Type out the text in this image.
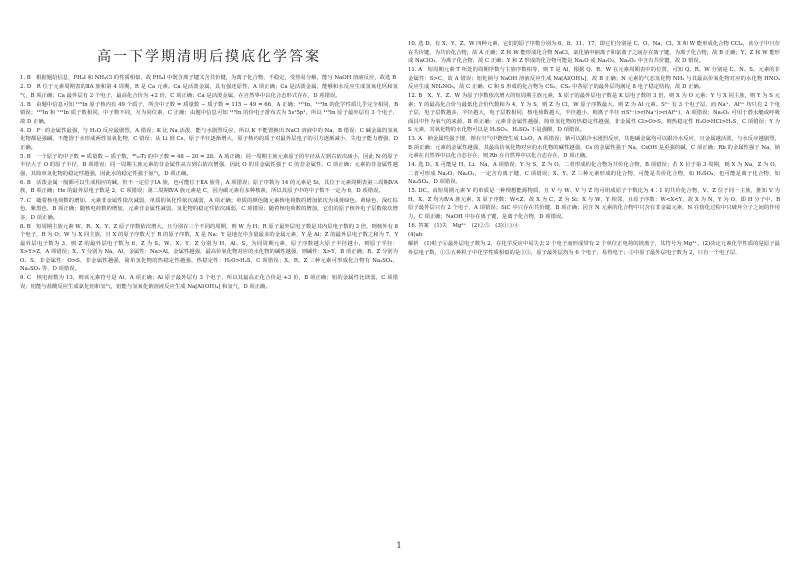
高一下学期清明后摸底化学答案

1. B　根据题给信息，PH₄I 和 NH₄Cl 的性质相似，故 PH₄I 中既含离子键又含共价键，为离子化合物，不稳定，受热易分解，能与 NaOH 溶液反应，故选 B

2. D　R 位于元素周期表的ⅡA 族和第 4 周期，R 是 Ca 元素。Ca 是活泼金属，具有强还原性，A 项正确；Ca 是活泼金属，能够和水反应生成氢氧化钙和氢气，B 项正确；Ca 最外层有 2 个电子，最高化合价为 +2 价，C 项正确；Ca 是活泼金属，在自然界中以化合态形式存在，D 项错误。

3. B　由题中信息可知 ¹¹⁵In 原子核内有 49 个质子，所含中子数 = 质量数 − 质子数 = 115 − 49 = 66，A 正确；¹¹⁵In、¹¹³In 的化学性质几乎完全相同，B 错误；¹¹⁵In 和 ¹¹³In 质子数相同，中子数不同，互为同位素，C 正确；由题中信息可知 ¹¹⁵In 的价电子排布式为 5s²5p¹，所以 ¹¹⁵In 原子最外层有 3 个电子，故 D 正确。

4. D　F⁻ 的金属性最强，与 H₂O 反应最剧烈，A 错误；K 比 Na 活泼，能与水剧烈反应，所以 K 不能置换出 NaCl 溶液中的 Na，B 错误；C 碱金属的氢氧化物都是强碱，不能溶于水形成两性氢氧化物，C 错误；从 Li 到 Cs，原子半径逐渐增大，原子核内的质子对最外层电子的引力逐渐减小，失电子能力增强，D 正确。

5. B　一个原子的中子数 = 质量数 − 质子数，⁴⁸₂₀Ti 的中子数 = 48 − 20 = 28，A 项正确；同一周期主族元素原子的半径从左到右依次减小，因此 N 的原子半径大于 O 的原子半径，B 项错误；同一周期主族元素的非金属性从左到右依次增强，因此 O 的非金属性强于 C 的非金属性，C 项正确；元素的非金属性越强，其简单氢化物的稳定性越强，因此水的稳定性强于氨气，D 项正确。

6. B　活泼金属一般都可以生成相应的碱，但不一定位于ⅠA 族，也可能位于ⅡA 族等，A 项错误；原子序数为 14 的元素是 Si，其位于元素周期表第三周期ⅣA 族，B 项正确；He 的最外层电子数是 2，C 项错误；第二周期ⅣA 族元素是 C，因为碳元素有多种核素，所以其原子中的中子数不一定为 6，D 项错误。

7. C　随着核电荷数的增加，元素非金属性依次减弱，单质的氧化性依次减弱，A 项正确；单质的颜色随元素核电荷数的增加依次为浅黄绿色、黄绿色、深红棕色、紫黑色，B 项正确；随核电荷数的增加，元素非金属性减弱，氢化物的稳定性依次减弱，C 项错误；随着核电荷数的增加，它们的原子核外电子层数依次增多，D 项正确。

8. B　短周期主族元素 W、R、X、Y、Z 原子序数依次增大，且分别在三个不同的周期，则 W 为 H；R 原子最外层电子数是其内层电子数的 3 倍，则核外有 8 个电子，R 为 O；W 与 X 同主族，且 X 的原子序数大于 R 的原子序数，X 是 Na；Y 是地壳中含量最多的金属元素，Y 是 Al；Z 的最外层电子数之和为 7，Y 最外层电子数为 3，则 Z 的最外层电子数为 6，Z 为 S。W、X、Y、Z 分别为 H、Al、S，为同周期元素，原子序数越大原子半径越小，则原子半径：X>Y>Z，A 项错误；X、Y 分别为 Na、Al，金属性：Na>Al，金属性越强，最高价氧化物对应的水化物的碱性越强，则碱性：X>Y，B 项正确；R、Z 分别为 O、S，非金属性：O>S，非金属性越强，简单氢化物的热稳定性越强，热稳定性：H₂O>H₂S，C 项错误；X、R、Z 三种元素可形成化合物有 Na₂SO₄、Na₂SO₃ 等，D 项错误。

9. C　核电荷数为 13，则该元素符号是 Al，A 项正确；Al 原子最外层有 3 个电子，所以其最高正化合价是 +3 价，B 项正确；铝的金属性比镁弱，C 项错误；铝能与盐酸反应生成氯化铝和氢气，铝能与氢氧化钠溶液反应生成 Na[Al(OH)₄] 和氢气，D 项正确。

10. 选 D。有 X、Y、Z、W 四种元素，它们的原子序数分别为 6、8、11、17，即它们分别是 C、O、Na、Cl。X 和 W 能形成化合物 CCl₄，该分子中只存在共价键，为共价化合物，故 A 正确；Z 和 W 能形成化合物 NaCl，氯化钠中钠离子和氯离子之间存在离子键，为离子化合物，故 B 正确；Y、Z 和 W 能形成 NaClO₃，为离子化合物，故 C 正确；Y 和 Z 形成的化合物可能是 Na₂O 或 Na₂O₂，Na₂O₂ 中含有共价键，故 D 错误。

11. A　短周期元素 T 所处的周期序数与主族序数相等，则 T 是 Al，根据 Q、R、W 在元素周期表中的位置，可知 Q、R、W 分别是 C、N、S。元素的非金属性：S>C，故 A 错误；铝化钠与 NaOH 溶液反应生成 Na[Al(OH)₄]，故 B 正确；N 元素的气态氢化物 NH₃ 与其最高价氧化物对应的水化物 HNO₃ 反应生成 NH₄NO₃，故 C 正确；C 和 S 形成的化合物为 CS₂，CS₂ 中各原子的最外层均满足 8 电子稳定结构，故 D 正确。

12. B　X、Y、Z、W 为原子序数依次增大的短周期主族元素，X 原子的最外层电子数是 K 层电子数的 3 倍，则 X 为 O 元素；Y 与 X 同主族，则 Y 为 S 元素；Y 的最高化合价与最低化合价代数和为 4，Y 为 S，则 Z 为 Cl，W 原子序数最大，则 Z 为 Al 元素。S²⁻ 有 3 个电子层，而 Na⁺、Al³⁺ 均只有 2 个电子层，电子层数越多，半径越大，电子层数相同，核电荷数越大，半径越小，则离子半径 r(S²⁻)>r(Na⁺)>r(Al³⁺)，A 项错误；Na₂O₂ 可用于潜水艇或呼吸面具中作为氧气的来源，B 项正确；元素非金属性越强，简单氢化物的热稳定性越强，非金属性 Cl>O>S，则热稳定性 H₂O>HCl>H₂S，C 项错误；Y 为 S 元素，其氧化物的水化物可以是 H₂SO₃、H₂SO₄ 不是强酸，D 项错误。

13. A　钠金属性强于锂，锂在空气中燃烧生成 Li₂O，A 项错误；钠可以跟冷水剧烈反应，其他碱金属均可以跟冷水反应，且金属越活泼，与水反应越剧烈，B 项正确；元素的金属性越强，其最高价氧化物对应的水化物的碱性越强，Cs 的金属性强于 Na，CsOH 是更强的碱，C 项正确；Rb 的金属性强于 Na，钠元素在自然界中以化合态存在，则 Rb 在自然界中以化合态存在，D 项正确。

14. 选 D。X 可能是 H、Li、Na，A 项错误；Y 为 S，Z 为 O，二者形成的化合物为共价化合物，B 项错误；若 X 位于第 3 周期，则 X 为 Na，Z 为 O，二者可形成 Na₂O、Na₂O₂，一定含有离子键，C 项错误；X、Y、Z 三种元素形成的化合物，可能是共价化合物，如 H₂SO₄，也可能是离子化合物，如 Na₂SO₄，D 项错误。

15. DC。由短周期元素 V 的单质是一种理想能源物质，且 V 与 W、V 与 Z 均可组成原子个数比为 4∶1 的共价化合物，V、Z 位于同一主族，推知 V 为 H，X、Z 均为ⅣA 族元素，X 原子序数：W<Z，故 X 为 C，Z 为 Si；X 与 W，Y 相邻，且原子序数：W<X<Y，故 X 为 N，Y 为 O，即 H 分子中，B 原子最外层只有 2 个电子，A 项错误；SiC 中只存在共价键，B 项正确；因含 N 元素的化合物中只含有非金属元素，N 在熔化过程中只破坏分子之间的作用力，C 项正确；NaOH 中存在离子键，是离子化合物，D 项错误。

16. 答案　(1)失　Mg²⁺　(2)②⑤　(3)①③④

(4)ab

解析　(1)粒子⑥最外层电子数为 2，在化学反应中易失去 2 个电子而形成带有 2 个单位正电荷的镁离子，其符号为 Mg²⁺。(2)决定元素化学性质的是原子最外层电子数，①⑤五种粒子中化学性质相似的是②⑤，原子最外层均为 6 个电子，易得电子；③中原子最外层电子数为 2，只有一个电子层，

1
